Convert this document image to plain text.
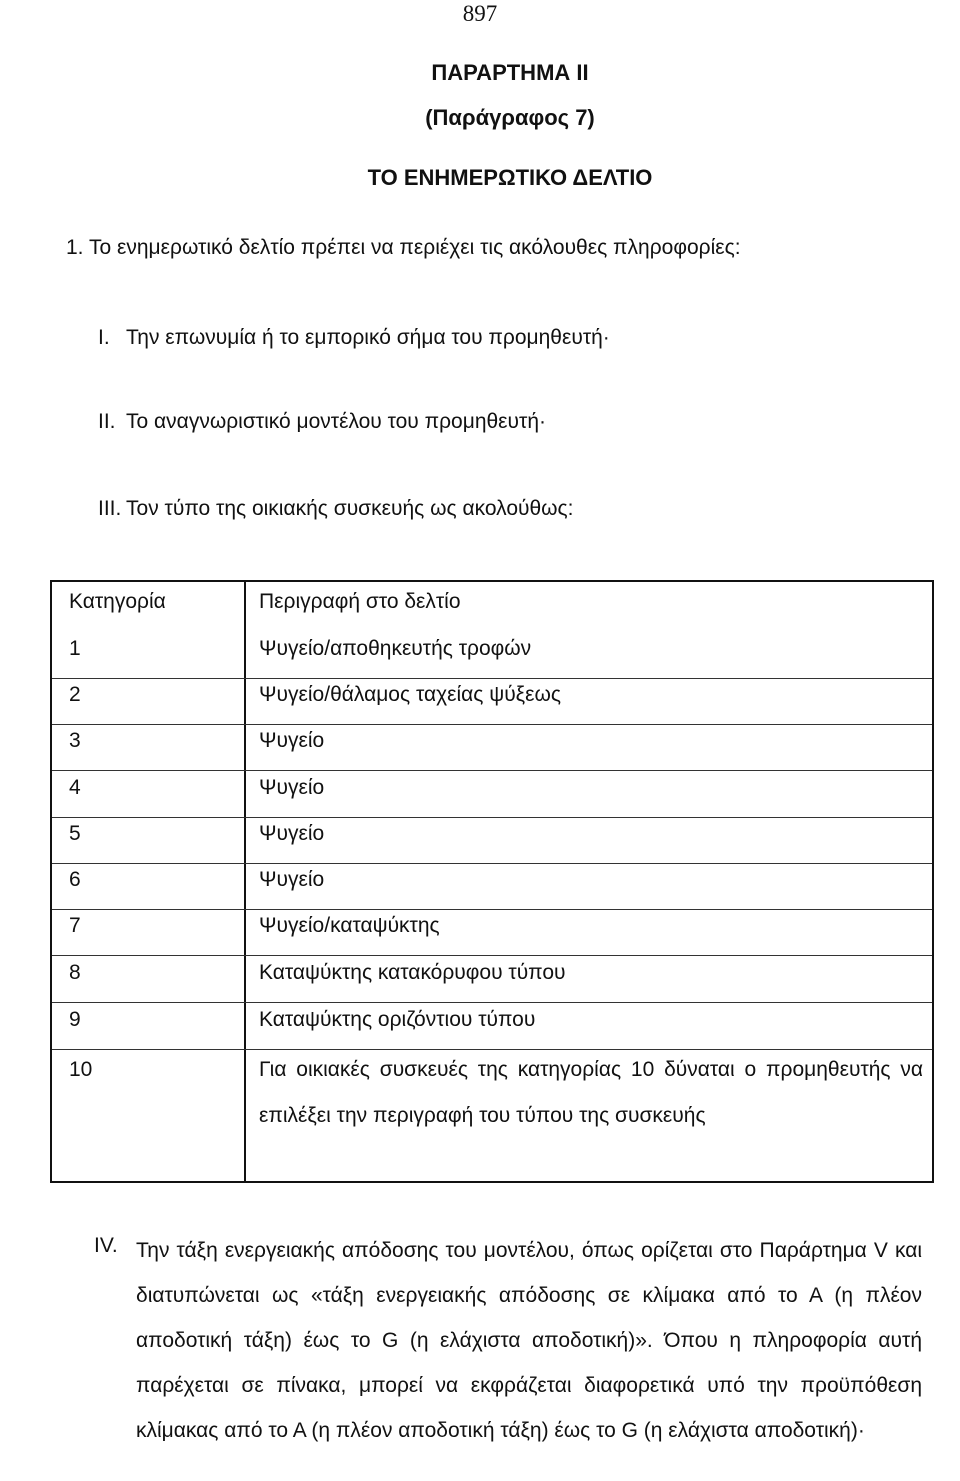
897
ΠΑΡΑΡΤΗΜΑ II
(Παράγραφος 7)
ΤΟ ΕΝΗΜΕΡΩΤΙΚΟ ΔΕΛΤΙΟ
1. Το ενημερωτικό δελτίο πρέπει να περιέχει τις ακόλουθες πληροφορίες:
I. Την επωνυμία ή το εμπορικό σήμα του προμηθευτή·
II. Το αναγνωριστικό μοντέλου του προμηθευτή·
III. Τον τύπο της οικιακής συσκευής ως ακολούθως:
Κατηγορία	Περιγραφή στο δελτίο
1	Ψυγείο/αποθηκευτής τροφών
2	Ψυγείο/θάλαμος ταχείας ψύξεως
3	Ψυγείο
4	Ψυγείο
5	Ψυγείο
6	Ψυγείο
7	Ψυγείο/καταψύκτης
8	Καταψύκτης κατακόρυφου τύπου
9	Καταψύκτης οριζόντιου τύπου
10	Για οικιακές συσκευές της κατηγορίας 10 δύναται ο προμηθευτής να επιλέξει την περιγραφή του τύπου της συσκευής
IV. Την τάξη ενεργειακής απόδοσης του μοντέλου, όπως ορίζεται στο Παράρτημα V και διατυπώνεται ως «τάξη ενεργειακής απόδοσης σε κλίμακα από το Α (η πλέον αποδοτική τάξη) έως το G (η ελάχιστα αποδοτική)». Όπου η πληροφορία αυτή παρέχεται σε πίνακα, μπορεί να εκφράζεται διαφορετικά υπό την προϋπόθεση κλίμακας από το Α (η πλέον αποδοτική τάξη) έως το G (η ελάχιστα αποδοτική)·
